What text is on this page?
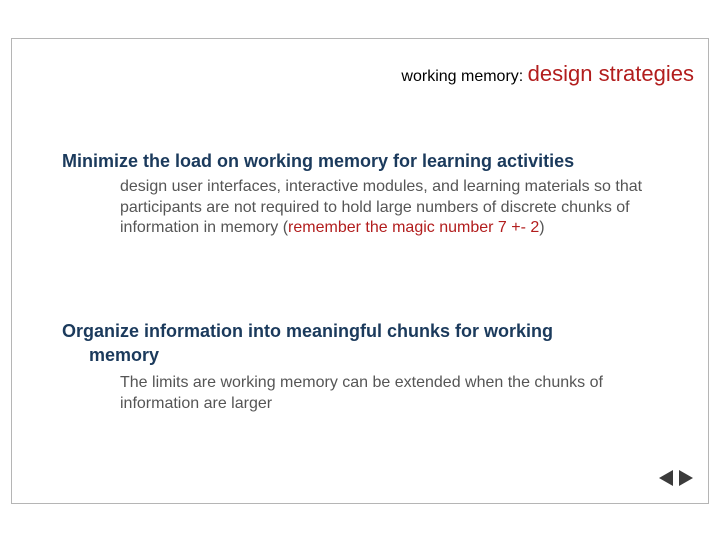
working memory: design strategies
Minimize the load on working memory for learning activities
design user interfaces, interactive modules, and learning materials so that participants are not required to hold large numbers of discrete chunks of information in memory (remember the magic number 7 +- 2)
Organize information into meaningful chunks for working
memory
The limits are working memory can be extended when the chunks of information are larger
